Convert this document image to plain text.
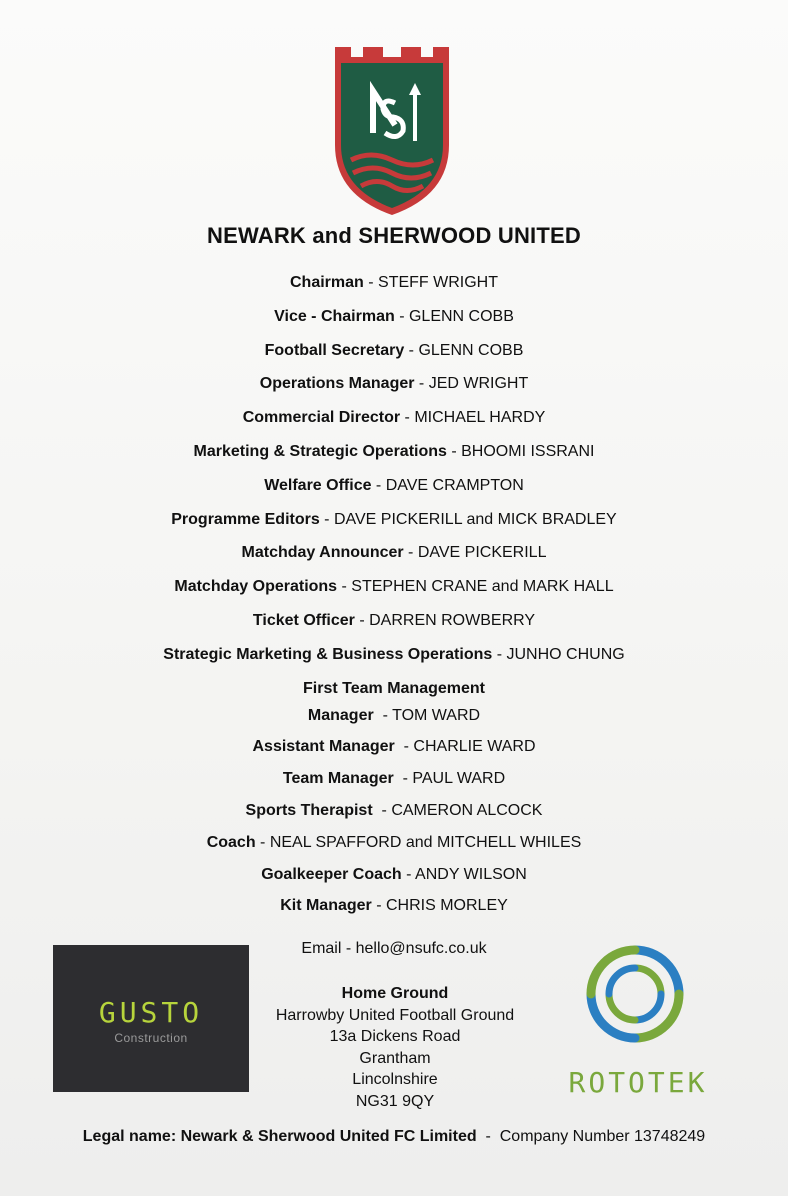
NEWARK and SHERWOOD UNITED
Chairman - STEFF WRIGHT
Vice - Chairman - GLENN COBB
Football Secretary - GLENN COBB
Operations Manager - JED WRIGHT
Commercial Director - MICHAEL HARDY
Marketing & Strategic Operations - BHOOMI ISSRANI
Welfare Office - DAVE CRAMPTON
Programme Editors - DAVE PICKERILL and MICK BRADLEY
Matchday Announcer - DAVE PICKERILL
Matchday Operations - STEPHEN CRANE and MARK HALL
Ticket Officer - DARREN ROWBERRY
Strategic Marketing & Business Operations - JUNHO CHUNG
First Team Management
Manager  - TOM WARD
Assistant Manager  - CHARLIE WARD
Team Manager  - PAUL WARD
Sports Therapist  - CAMERON ALCOCK
Coach - NEAL SPAFFORD and MITCHELL WHILES
Goalkeeper Coach - ANDY WILSON
Kit Manager - CHRIS MORLEY
GUSTO
Construction
Email - hello@nsufc.co.uk
Home Ground
Harrowby United Football Ground
13a Dickens Road
Grantham
Lincolnshire
NG31 9QY
ROTOTEK
Legal name: Newark & Sherwood United FC Limited  -  Company Number 13748249
